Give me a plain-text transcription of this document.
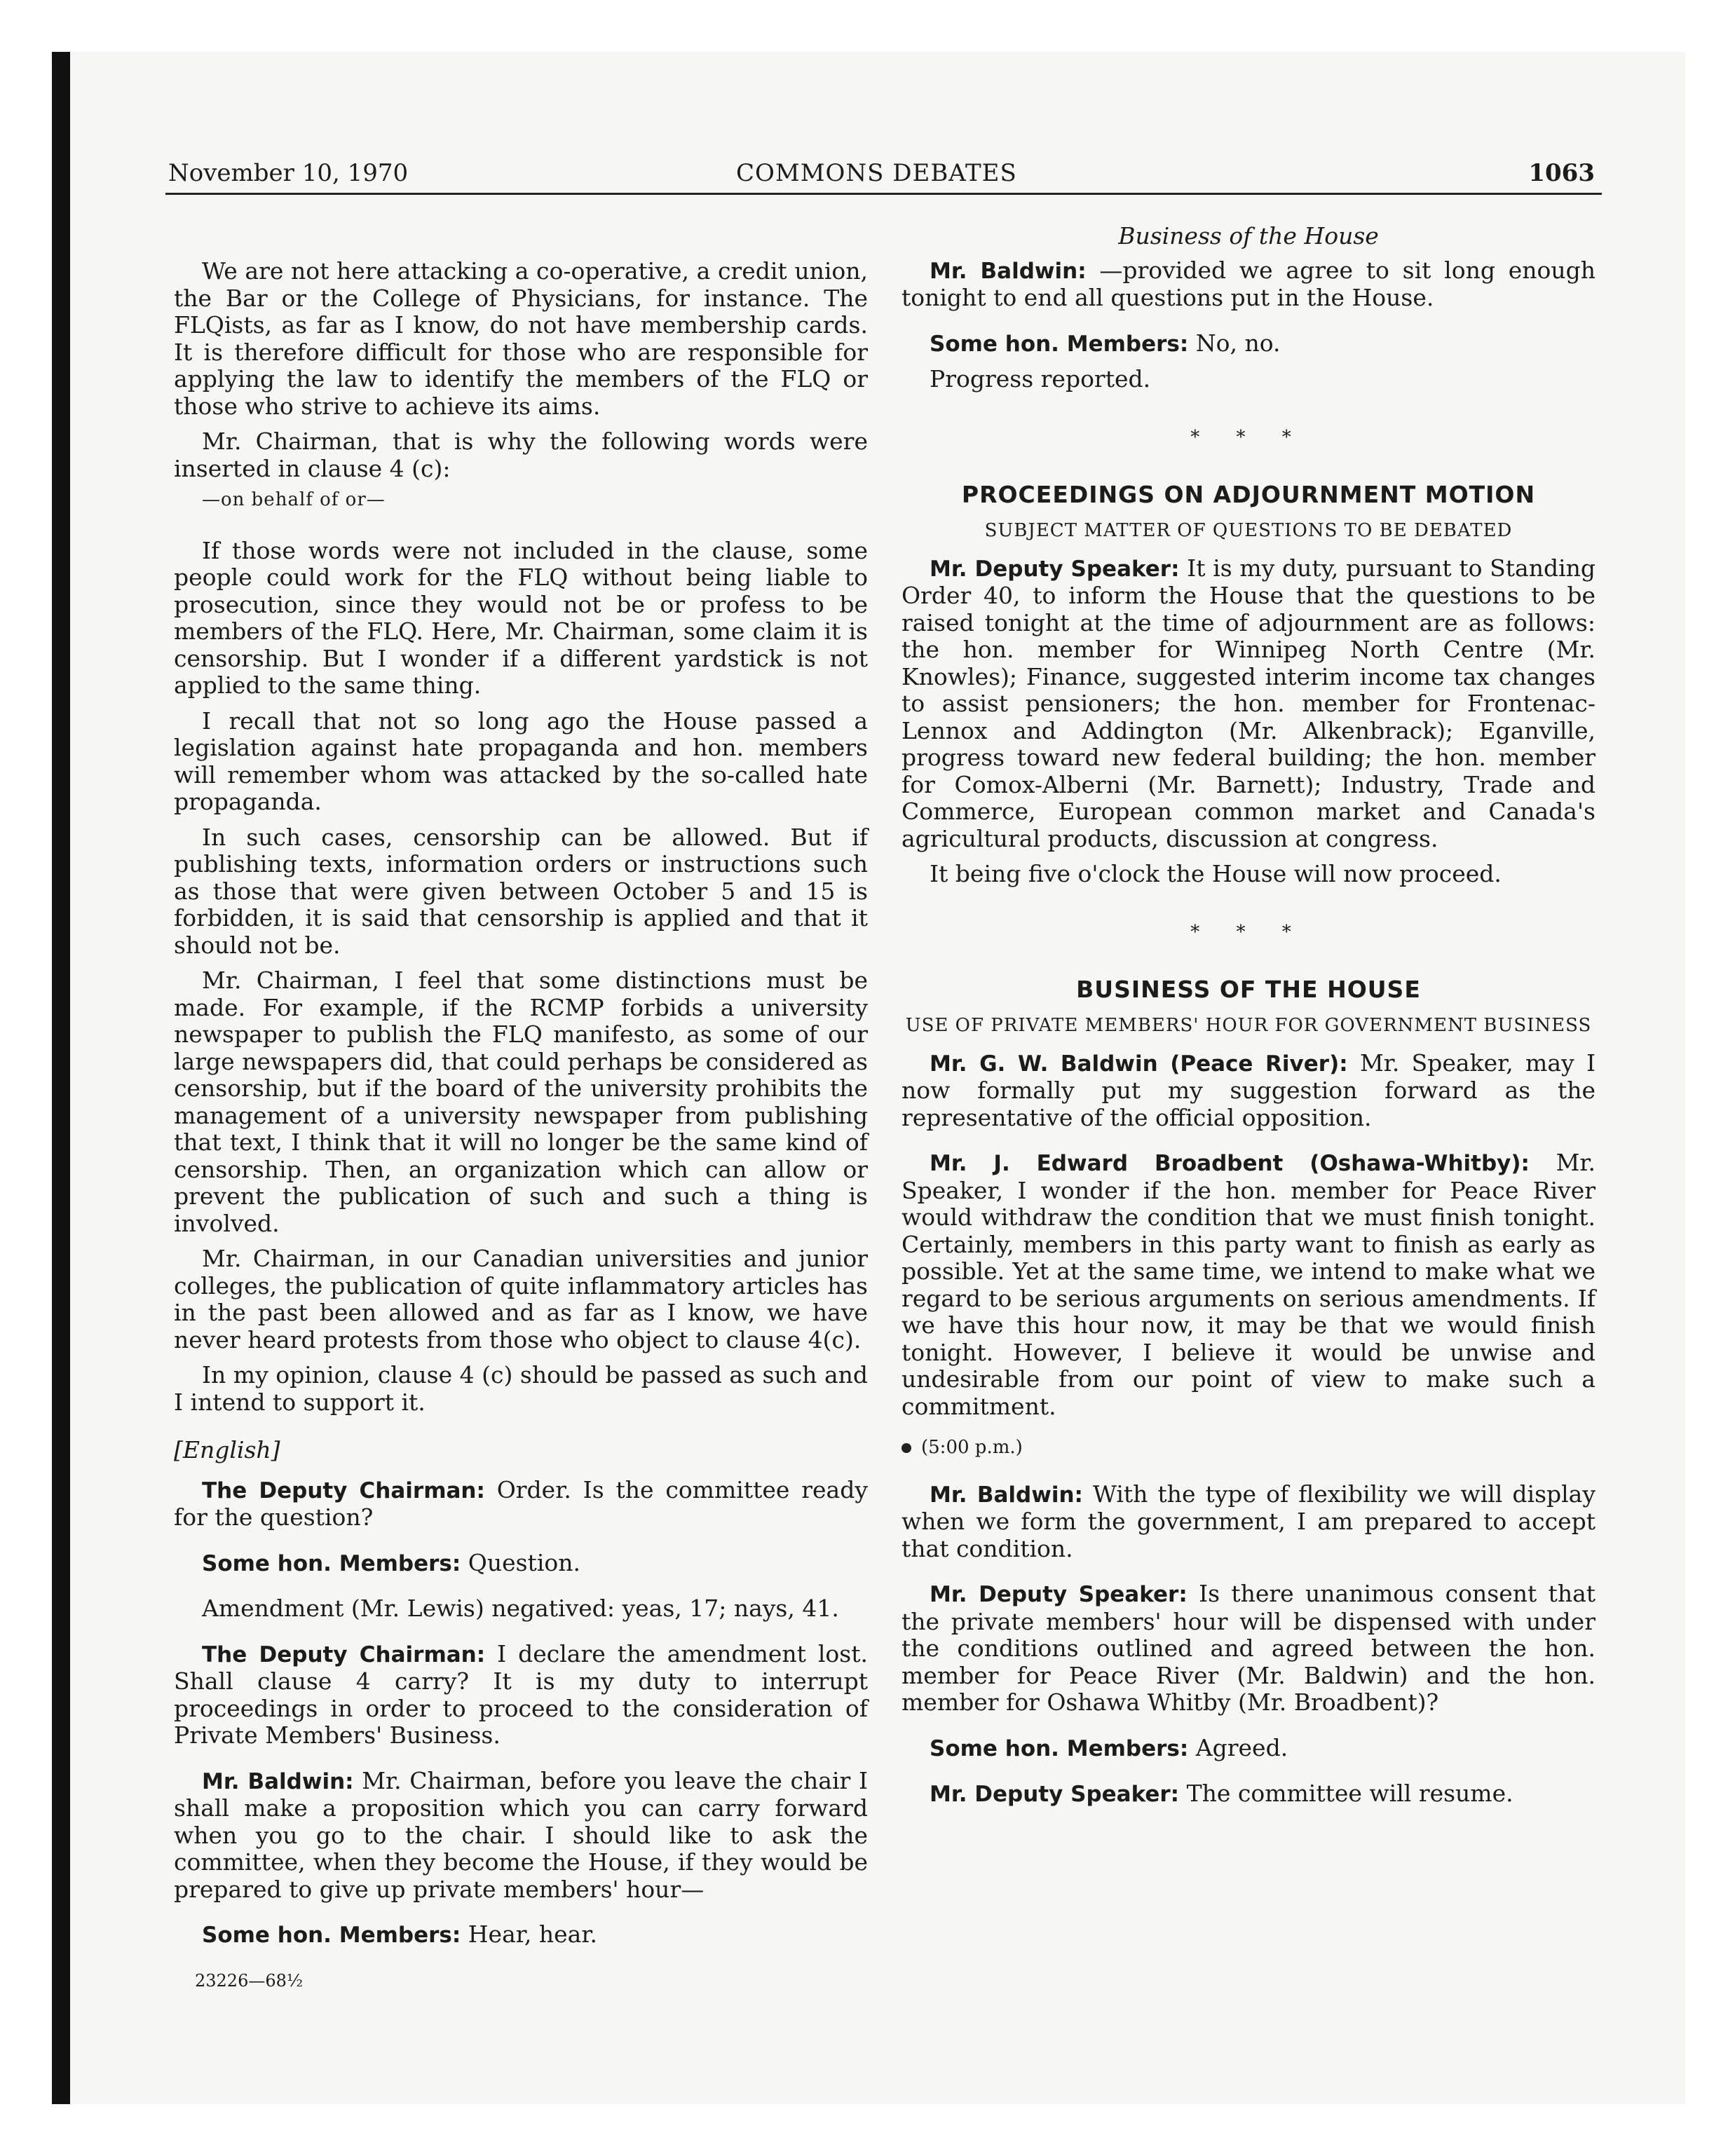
November 10, 1970	COMMONS DEBATES	1063

We are not here attacking a co-operative, a credit union, the Bar or the College of Physicians, for instance. The FLQists, as far as I know, do not have membership cards. It is therefore difficult for those who are responsible for applying the law to identify the members of the FLQ or those who strive to achieve its aims.

Mr. Chairman, that is why the following words were inserted in clause 4 (c):

—on behalf of or—

If those words were not included in the clause, some people could work for the FLQ without being liable to prosecution, since they would not be or profess to be members of the FLQ. Here, Mr. Chairman, some claim it is censorship. But I wonder if a different yardstick is not applied to the same thing.

I recall that not so long ago the House passed a legislation against hate propaganda and hon. members will remember whom was attacked by the so-called hate propaganda.

In such cases, censorship can be allowed. But if publishing texts, information orders or instructions such as those that were given between October 5 and 15 is forbidden, it is said that censorship is applied and that it should not be.

Mr. Chairman, I feel that some distinctions must be made. For example, if the RCMP forbids a university newspaper to publish the FLQ manifesto, as some of our large newspapers did, that could perhaps be considered as censorship, but if the board of the university prohibits the management of a university newspaper from publishing that text, I think that it will no longer be the same kind of censorship. Then, an organization which can allow or prevent the publication of such and such a thing is involved.

Mr. Chairman, in our Canadian universities and junior colleges, the publication of quite inflammatory articles has in the past been allowed and as far as I know, we have never heard protests from those who object to clause 4(c).

In my opinion, clause 4 (c) should be passed as such and I intend to support it.

[English]

The Deputy Chairman: Order. Is the committee ready for the question?

Some hon. Members: Question.

Amendment (Mr. Lewis) negatived: yeas, 17; nays, 41.

The Deputy Chairman: I declare the amendment lost. Shall clause 4 carry? It is my duty to interrupt proceedings in order to proceed to the consideration of Private Members' Business.

Mr. Baldwin: Mr. Chairman, before you leave the chair I shall make a proposition which you can carry forward when you go to the chair. I should like to ask the committee, when they become the House, if they would be prepared to give up private members' hour—

Some hon. Members: Hear, hear.

23226—68½
Business of the House

Mr. Baldwin: —provided we agree to sit long enough tonight to end all questions put in the House.

Some hon. Members: No, no.

Progress reported.

* * *
PROCEEDINGS ON ADJOURNMENT MOTION
SUBJECT MATTER OF QUESTIONS TO BE DEBATED

Mr. Deputy Speaker: It is my duty, pursuant to Standing Order 40, to inform the House that the questions to be raised tonight at the time of adjournment are as follows: the hon. member for Winnipeg North Centre (Mr. Knowles); Finance, suggested interim income tax changes to assist pensioners; the hon. member for Frontenac-Lennox and Addington (Mr. Alkenbrack); Eganville, progress toward new federal building; the hon. member for Comox-Alberni (Mr. Barnett); Industry, Trade and Commerce, European common market and Canada's agricultural products, discussion at congress.

It being five o'clock the House will now proceed.

* * *
BUSINESS OF THE HOUSE
USE OF PRIVATE MEMBERS' HOUR FOR GOVERNMENT BUSINESS

Mr. G. W. Baldwin (Peace River): Mr. Speaker, may I now formally put my suggestion forward as the representative of the official opposition.

Mr. J. Edward Broadbent (Oshawa-Whitby): Mr. Speaker, I wonder if the hon. member for Peace River would withdraw the condition that we must finish tonight. Certainly, members in this party want to finish as early as possible. Yet at the same time, we intend to make what we regard to be serious arguments on serious amendments. If we have this hour now, it may be that we would finish tonight. However, I believe it would be unwise and undesirable from our point of view to make such a commitment.

(5:00 p.m.)

Mr. Baldwin: With the type of flexibility we will display when we form the government, I am prepared to accept that condition.

Mr. Deputy Speaker: Is there unanimous consent that the private members' hour will be dispensed with under the conditions outlined and agreed between the hon. member for Peace River (Mr. Baldwin) and the hon. member for Oshawa Whitby (Mr. Broadbent)?

Some hon. Members: Agreed.

Mr. Deputy Speaker: The committee will resume.
